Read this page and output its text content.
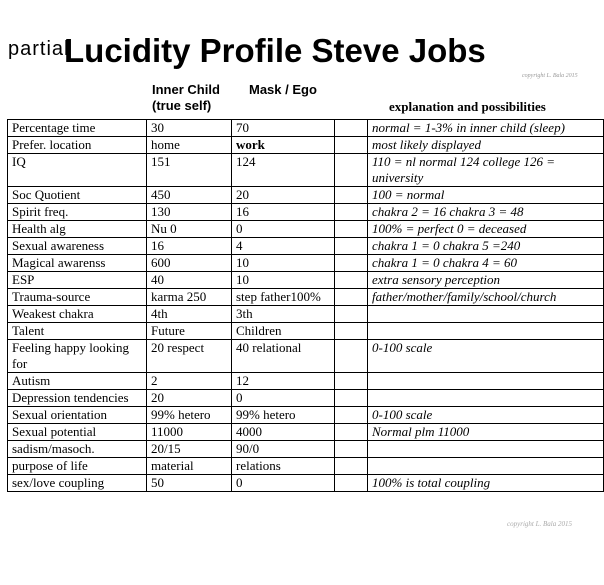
partial
Lucidity Profile Steve Jobs
copyright L. Bala 2015
Inner Child
(true self)
Mask / Ego
explanation and possibilities
Percentage time	30	70		normal = 1-3% in inner child (sleep)
Prefer. location	home	work		most likely displayed
IQ	151	124		110 = nl normal 124 college 126 = university
Soc Quotient	450	20		100 = normal
Spirit freq.	130	16		chakra 2 = 16 chakra 3 = 48
Health alg	Nu 0	0		100% = perfect 0 = deceased
Sexual awareness	16	4		chakra 1 = 0 chakra 5 =240
Magical awarenss	600	10		chakra 1 = 0 chakra 4 = 60
ESP	40	10		extra sensory perception
Trauma-source	karma 250	step father100%		father/mother/family/school/church
Weakest chakra	4th	3th		
Talent	Future	Children		
Feeling happy looking for	20 respect	40 relational		0-100 scale
Autism	2	12		
Depression tendencies	20	0		
Sexual orientation	99% hetero	99% hetero		0-100 scale
Sexual potential	11000	4000		Normal plm 11000
sadism/masoch.	20/15	90/0		
purpose of life	material	relations		
sex/love coupling	50	0		100% is total coupling
copyright L. Bala 2015
